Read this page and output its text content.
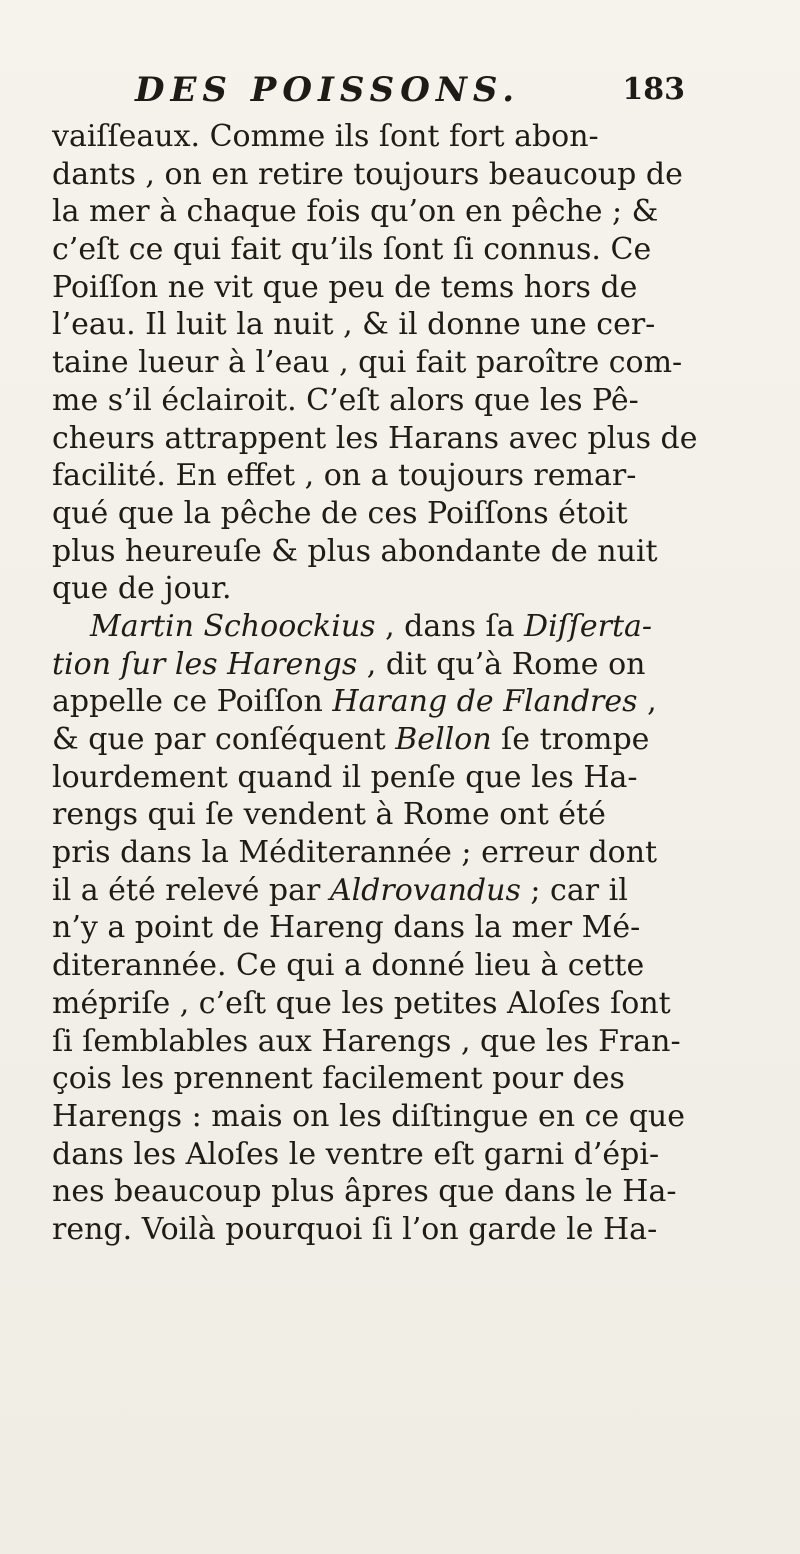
DES POISSONS.	183
vaiſſeaux. Comme ils ſont fort abon-
dants , on en retire toujours beaucoup de
la mer à chaque fois qu’on en pêche ; &
c’eſt ce qui fait qu’ils ſont ſi connus. Ce
Poiſſon ne vit que peu de tems hors de
l’eau. Il luit la nuit , & il donne une cer-
taine lueur à l’eau , qui fait paroître com-
me s’il éclairoit. C’eſt alors que les Pê-
cheurs attrappent les Harans avec plus de
facilité. En effet , on a toujours remar-
qué que la pêche de ces Poiſſons étoit
plus heureuſe & plus abondante de nuit
que de jour.
Martin Schoockius , dans ſa Diſſerta-
tion ſur les Harengs , dit qu’à Rome on
appelle ce Poiſſon Harang de Flandres ,
& que par conſéquent Bellon ſe trompe
lourdement quand il penſe que les Ha-
rengs qui ſe vendent à Rome ont été
pris dans la Méditerannée ; erreur dont
il a été relevé par Aldrovandus ; car il
n’y a point de Hareng dans la mer Mé-
diterannée. Ce qui a donné lieu à cette
mépriſe , c’eſt que les petites Aloſes ſont
ſi ſemblables aux Harengs , que les Fran-
çois les prennent facilement pour des
Harengs : mais on les diſtingue en ce que
dans les Aloſes le ventre eſt garni d’épi-
nes beaucoup plus âpres que dans le Ha-
reng. Voilà pourquoi ſi l’on garde le Ha-
